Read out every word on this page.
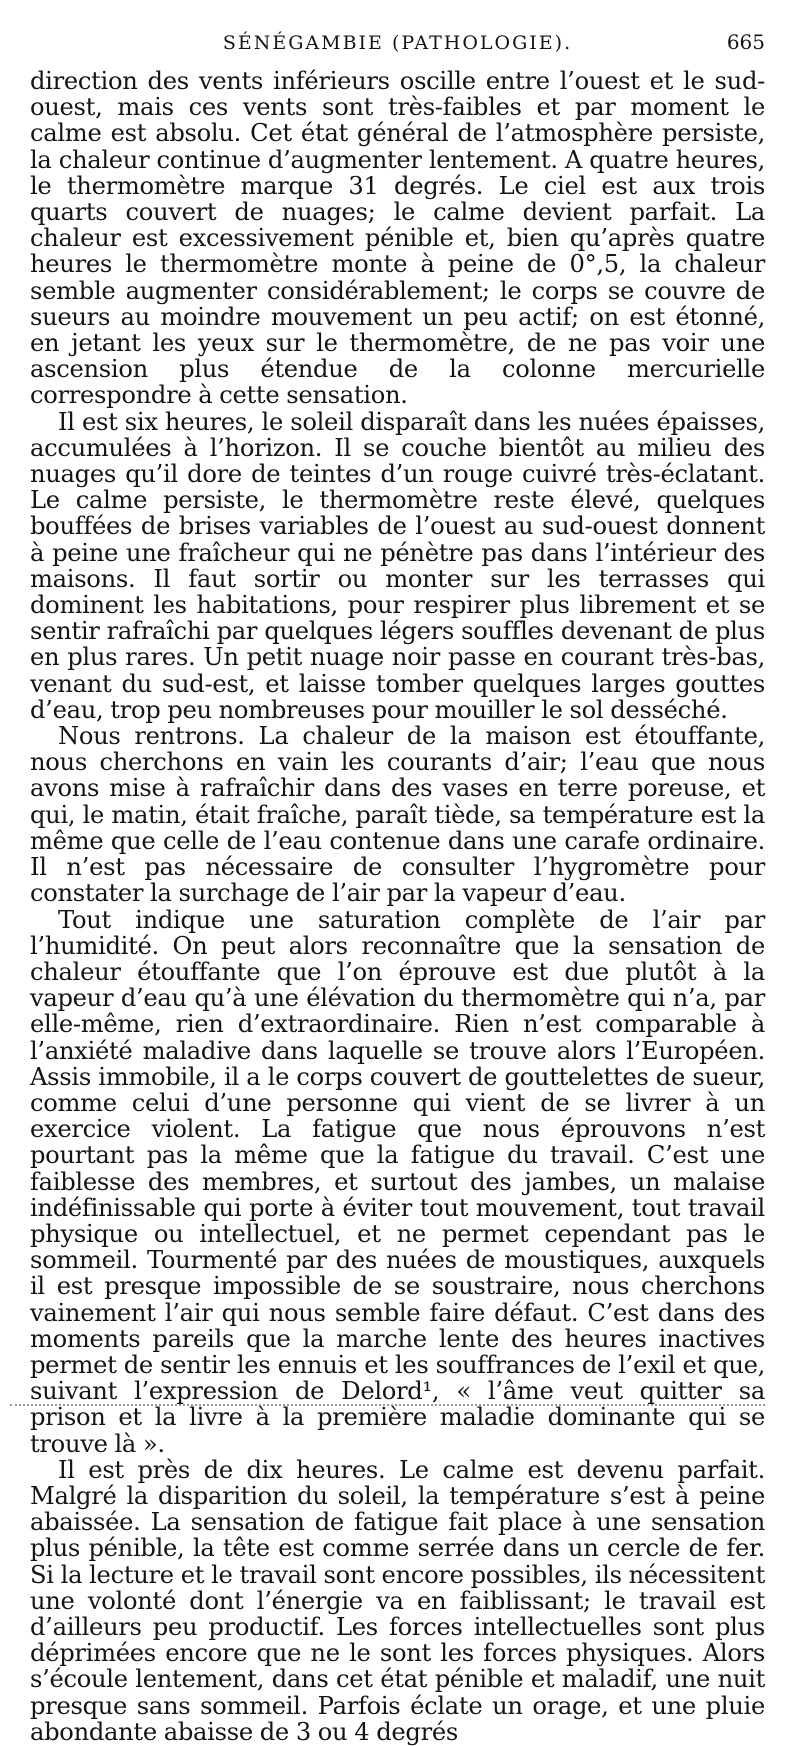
SÉNÉGAMBIE (PATHOLOGIE).	665

direction des vents inférieurs oscille entre l’ouest et le sud-ouest, mais ces vents sont très-faibles et par moment le calme est absolu. Cet état général de l’atmosphère persiste, la chaleur continue d’augmenter lentement. A quatre heures, le thermomètre marque 31 degrés. Le ciel est aux trois quarts couvert de nuages; le calme devient parfait. La chaleur est excessivement pénible et, bien qu’après quatre heures le thermomètre monte à peine de 0°,5, la chaleur semble augmenter considérablement; le corps se couvre de sueurs au moindre mouvement un peu actif; on est étonné, en jetant les yeux sur le thermomètre, de ne pas voir une ascension plus étendue de la colonne mercurielle correspondre à cette sensation.

Il est six heures, le soleil disparaît dans les nuées épaisses, accumulées à l’horizon. Il se couche bientôt au milieu des nuages qu’il dore de teintes d’un rouge cuivré très-éclatant. Le calme persiste, le thermomètre reste élevé, quelques bouffées de brises variables de l’ouest au sud-ouest donnent à peine une fraîcheur qui ne pénètre pas dans l’intérieur des maisons. Il faut sortir ou monter sur les terrasses qui dominent les habitations, pour respirer plus librement et se sentir rafraîchi par quelques légers souffles devenant de plus en plus rares. Un petit nuage noir passe en courant très-bas, venant du sud-est, et laisse tomber quelques larges gouttes d’eau, trop peu nombreuses pour mouiller le sol desséché.

Nous rentrons. La chaleur de la maison est étouffante, nous cherchons en vain les courants d’air; l’eau que nous avons mise à rafraîchir dans des vases en terre poreuse, et qui, le matin, était fraîche, paraît tiède, sa température est la même que celle de l’eau contenue dans une carafe ordinaire. Il n’est pas nécessaire de consulter l’hygromètre pour constater la surchage de l’air par la vapeur d’eau.

Tout indique une saturation complète de l’air par l’humidité. On peut alors reconnaître que la sensation de chaleur étouffante que l’on éprouve est due plutôt à la vapeur d’eau qu’à une élévation du thermomètre qui n’a, par elle-même, rien d’extraordinaire. Rien n’est comparable à l’anxiété maladive dans laquelle se trouve alors l’Européen. Assis immobile, il a le corps couvert de gouttelettes de sueur, comme celui d’une personne qui vient de se livrer à un exercice violent. La fatigue que nous éprouvons n’est pourtant pas la même que la fatigue du travail. C’est une faiblesse des membres, et surtout des jambes, un malaise indéfinissable qui porte à éviter tout mouvement, tout travail physique ou intellectuel, et ne permet cependant pas le sommeil. Tourmenté par des nuées de moustiques, auxquels il est presque impossible de se soustraire, nous cherchons vainement l’air qui nous semble faire défaut. C’est dans des moments pareils que la marche lente des heures inactives permet de sentir les ennuis et les souffrances de l’exil et que, suivant l’expression de Delord¹, « l’âme veut quitter sa prison et la livre à la première maladie dominante qui se trouve là ».

Il est près de dix heures. Le calme est devenu parfait. Malgré la disparition du soleil, la température s’est à peine abaissée. La sensation de fatigue fait place à une sensation plus pénible, la tête est comme serrée dans un cercle de fer. Si la lecture et le travail sont encore possibles, ils nécessitent une volonté dont l’énergie va en faiblissant; le travail est d’ailleurs peu productif. Les forces intellectuelles sont plus déprimées encore que ne le sont les forces physiques. Alors s’écoule lentement, dans cet état pénible et maladif, une nuit presque sans sommeil. Parfois éclate un orage, et une pluie abondante abaisse de 3 ou 4 degrés
